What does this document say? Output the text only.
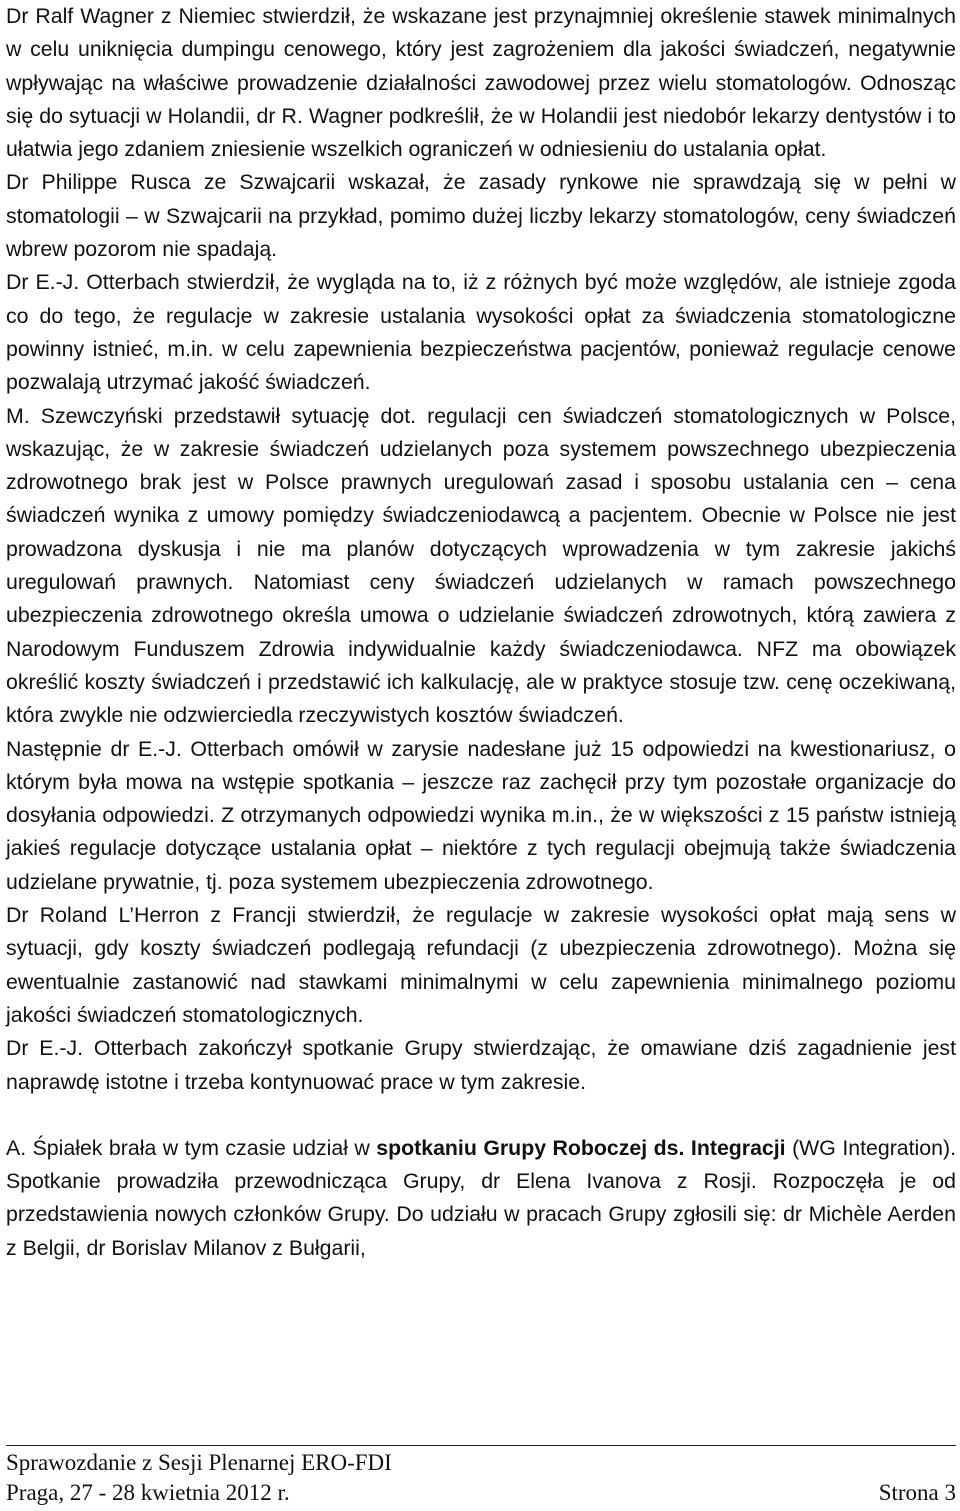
Dr Ralf Wagner z Niemiec stwierdził, że wskazane jest przynajmniej określenie stawek minimalnych w celu uniknięcia dumpingu cenowego, który jest zagrożeniem dla jakości świadczeń, negatywnie wpływając na właściwe prowadzenie działalności zawodowej przez wielu stomatologów. Odnosząc się do sytuacji w Holandii, dr R. Wagner podkreślił, że w Holandii jest niedobór lekarzy dentystów i to ułatwia jego zdaniem zniesienie wszelkich ograniczeń w odniesieniu do ustalania opłat.

Dr Philippe Rusca ze Szwajcarii wskazał, że zasady rynkowe nie sprawdzają się w pełni w stomatologii – w Szwajcarii na przykład, pomimo dużej liczby lekarzy stomatologów, ceny świadczeń wbrew pozorom nie spadają.

Dr E.-J. Otterbach stwierdził, że wygląda na to, iż z różnych być może względów, ale istnieje zgoda co do tego, że regulacje w zakresie ustalania wysokości opłat za świadczenia stomatologiczne powinny istnieć, m.in. w celu zapewnienia bezpieczeństwa pacjentów, ponieważ regulacje cenowe pozwalają utrzymać jakość świadczeń.

M. Szewczyński przedstawił sytuację dot. regulacji cen świadczeń stomatologicznych w Polsce, wskazując, że w zakresie świadczeń udzielanych poza systemem powszechnego ubezpieczenia zdrowotnego brak jest w Polsce prawnych uregulowań zasad i sposobu ustalania cen – cena świadczeń wynika z umowy pomiędzy świadczeniodawcą a pacjentem. Obecnie w Polsce nie jest prowadzona dyskusja i nie ma planów dotyczących wprowadzenia w tym zakresie jakichś uregulowań prawnych. Natomiast ceny świadczeń udzielanych w ramach powszechnego ubezpieczenia zdrowotnego określa umowa o udzielanie świadczeń zdrowotnych, którą zawiera z Narodowym Funduszem Zdrowia indywidualnie każdy świadczeniodawca. NFZ ma obowiązek określić koszty świadczeń i przedstawić ich kalkulację, ale w praktyce stosuje tzw. cenę oczekiwaną, która zwykle nie odzwierciedla rzeczywistych kosztów świadczeń.

Następnie dr E.-J. Otterbach omówił w zarysie nadesłane już 15 odpowiedzi na kwestionariusz, o którym była mowa na wstępie spotkania – jeszcze raz zachęcił przy tym pozostałe organizacje do dosyłania odpowiedzi. Z otrzymanych odpowiedzi wynika m.in., że w większości z 15 państw istnieją jakieś regulacje dotyczące ustalania opłat – niektóre z tych regulacji obejmują także świadczenia udzielane prywatnie, tj. poza systemem ubezpieczenia zdrowotnego.

Dr Roland L’Herron z Francji stwierdził, że regulacje w zakresie wysokości opłat mają sens w sytuacji, gdy koszty świadczeń podlegają refundacji (z ubezpieczenia zdrowotnego). Można się ewentualnie zastanowić nad stawkami minimalnymi w celu zapewnienia minimalnego poziomu jakości świadczeń stomatologicznych.

Dr E.-J. Otterbach zakończył spotkanie Grupy stwierdzając, że omawiane dziś zagadnienie jest naprawdę istotne i trzeba kontynuować prace w tym zakresie.

A. Śpiałek brała w tym czasie udział w spotkaniu Grupy Roboczej ds. Integracji (WG Integration). Spotkanie prowadziła przewodnicząca Grupy, dr Elena Ivanova z Rosji. Rozpoczęła je od przedstawienia nowych członków Grupy. Do udziału w pracach Grupy zgłosili się: dr Michèle Aerden z Belgii, dr Borislav Milanov z Bułgarii,

Sprawozdanie z Sesji Plenarnej ERO-FDI

Praga, 27 - 28 kwietnia 2012 r.	Strona 3
